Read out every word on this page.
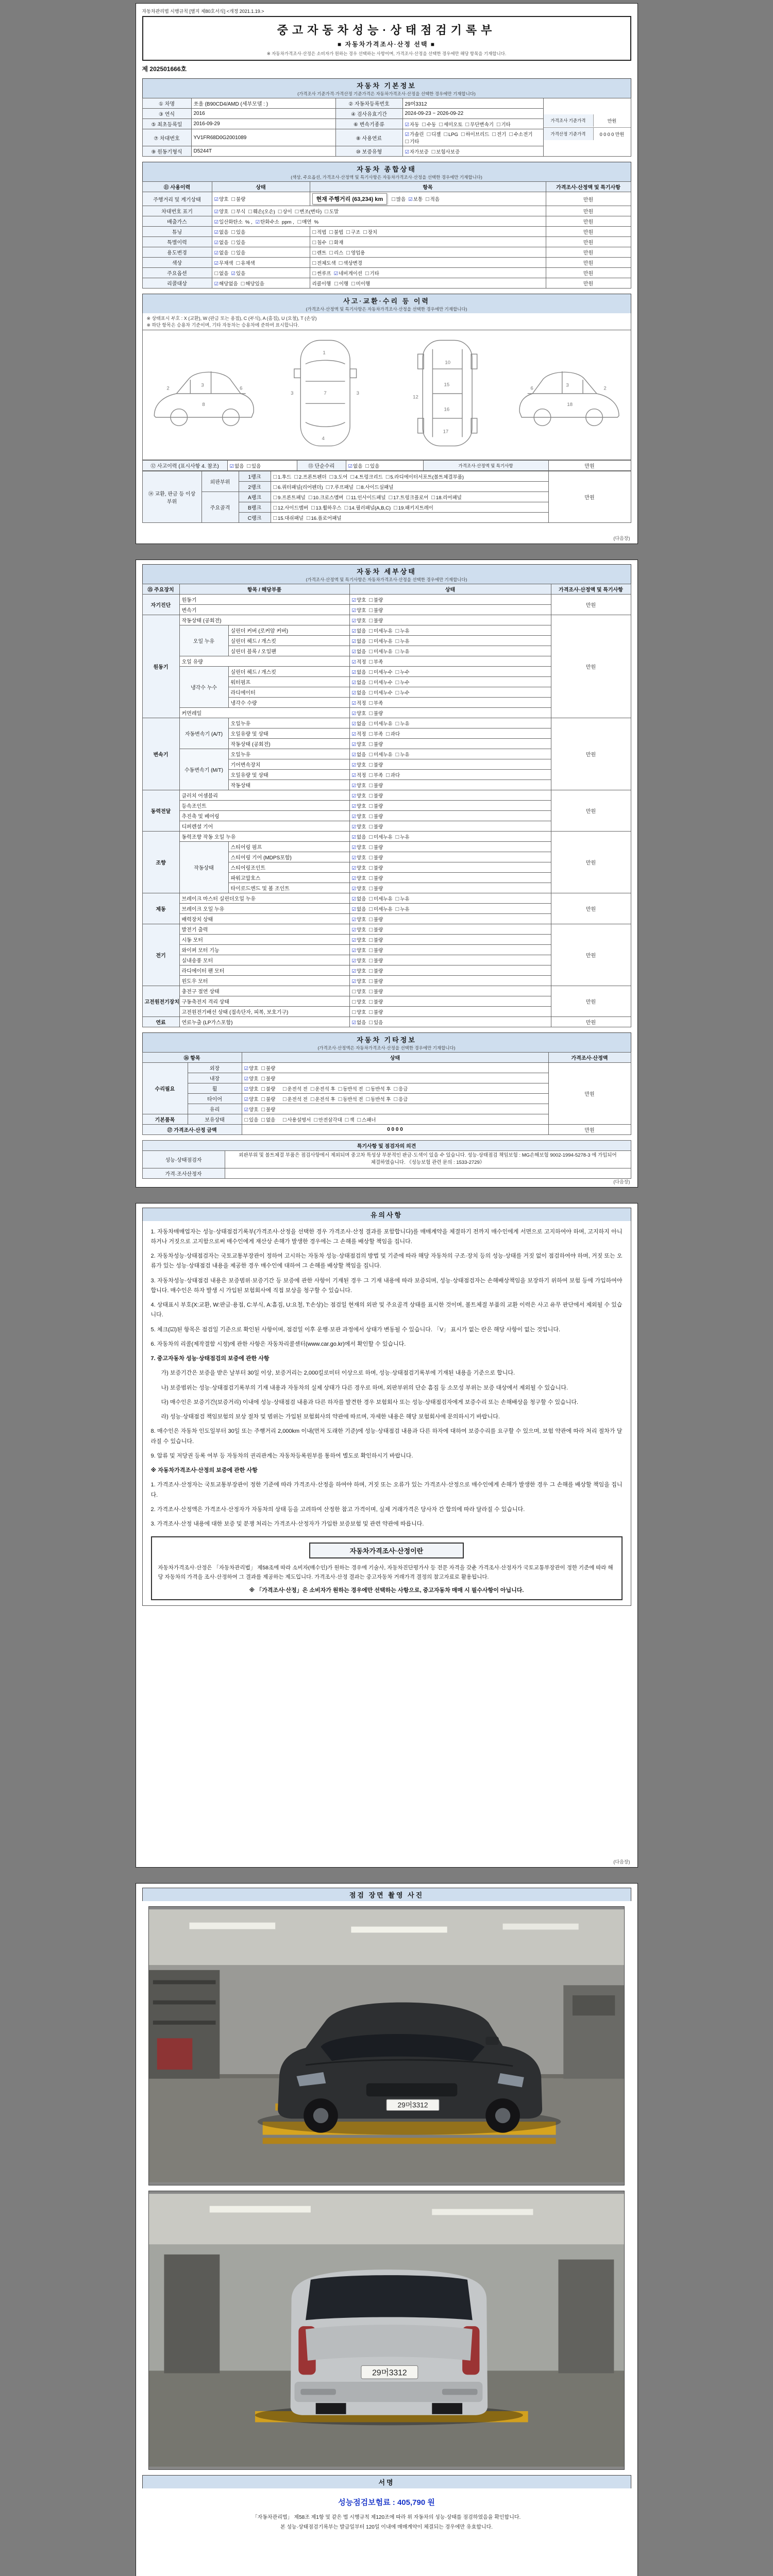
자동차관리법 시행규칙 [별지 제80호서식] <개정 2021.1.19.>
중고자동차성능·상태점검기록부
■ 자동차가격조사·산정 선택 ■
※ 자동차가격조사·산정은 소비자가 원하는 경우 선택하는 사항이며, 가격조사·산정을 선택한 경우에만 해당 항목을 기재합니다.
제 202501666호
자동차 기본정보
(가격조사 기준가격·가격산정 기준가격은 자동차가격조사·산정을 선택한 경우에만 기재합니다)
① 차명	쏘울 (B90CD4/AMD (세부모델 : )	② 자동차등록번호	29머3312	가격조사 기준가격 만원
가격산정 기준가격 0 0 0 0 만원

③ 연식	2016	④ 검사유효기간	2024-09-23 ~ 2026-09-22	
⑤ 최초등록일	2016-09-29	⑥ 변속기종류	☑자동 ☐수동 ☐세미오토 ☐무단변속기 ☐기타	
⑦ 차대번호	YV1FR68D0G2001089	⑧ 사용연료	☑가솔린 ☐디젤 ☐LPG ☐하이브리드 ☐전기 ☐수소전기☐기타	
⑨ 원동기형식	D5244T	⑩ 보증유형	☑자가보증 ☐보험사보증	
자동차 종합상태
(색상, 주요옵션, 가격조사·산정액 및 특기사항은 자동차가격조사·산정을 선택한 경우에만 기재합니다)
⑪ 사용이력	상태	항목	가격조사·산정액 및 특기사항
주행거리 및 계기상태	☑양호 ☐불량	현재 주행거리 (63,234) km ☐많음 ☑보통 ☐적음	만원
차대번호 표기	☑양호 ☐부식 ☐훼손(오손) ☐상이 ☐변조(변타) ☐도말		만원
배출가스	☑일산화탄소 % , ☑탄화수소 ppm , ☐매연 %		만원
튜닝	☑없음 ☐있음	☐적법 ☐불법 ☐구조 ☐장치	만원
특별이력	☑없음 ☐있음	☐침수 ☐화재	만원
용도변경	☑없음 ☐있음	☐렌트 ☐리스 ☐영업용	만원
색상	☑무채색 ☐유채색	☐전체도색 ☐색상변경	만원
주요옵션	☐없음 ☑있음	☐썬루프 ☑네비게이션 ☐기타	만원
리콜대상	☑해당없음 ☐해당있음	리콜이행 ☐이행 ☐미이행	만원
사고·교환·수리 등 이력
(가격조사·산정액 및 특기사항은 자동차가격조사·산정을 선택한 경우에만 기재합니다)
※ 상태표시 부호 : X (교환), W (판금 또는 용접), C (부식), A (흠집), U (요철), T (손상)
※ 하단 항목은 승용차 기준이며, 기타 자동차는 승용차에 준하여 표시합니다.
2
3
6
8
1
7
4
3	3
10
15
16
17
12
6
3
2
18
⑫ 사고이력 (표시사항 4. 참조)	☑없음 ☐있음	⑬ 단순수리	☑없음 ☐있음	가격조사·산정액 및 특기사항	만원
⑭ 교환, 판금 등 이상 부위	외판부위	1랭크	☐1.후드 ☐2.프론트펜더 ☐3.도어 ☐4.트렁크리드 ☐5.라디에이터서포트(볼트체결부품)	만원
		2랭크	☐6.쿼터패널(리어펜더) ☐7.루프패널 ☐8.사이드실패널	
	주요골격	A랭크	☐9.프론트패널 ☐10.크로스멤버 ☐11.인사이드패널 ☐17.트렁크플로어 ☐18.리어패널	
		B랭크	☐12.사이드멤버 ☐13.휠하우스 ☐14.필러패널(A,B,C) ☐19.패키지트레이	
		C랭크	☐15.대쉬패널 ☐16.플로어패널	
(다음장)
자동차 세부상태
(가격조사·산정액 및 특기사항은 자동차가격조사·산정을 선택한 경우에만 기재합니다)
⑮ 주요장치	항목 / 해당부품		상태	가격조사·산정액 및 특기사항
자기진단	원동기		☑양호 ☐불량	만원
	변속기		☑양호 ☐불량	
원동기	작동상태 (공회전)		☑양호 ☐불량	만원
	오일 누유	실린더 커버 (로커암 커버)	☑없음 ☐미세누유 ☐누유	
		실린더 헤드 / 개스킷	☑없음 ☐미세누유 ☐누유	
		실린더 블록 / 오일팬	☑없음 ☐미세누유 ☐누유	
	오일 유량		☑적정 ☐부족	
	냉각수 누수	실린더 헤드 / 개스킷	☑없음 ☐미세누수 ☐누수	
		워터펌프	☑없음 ☐미세누수 ☐누수	
		라디에이터	☑없음 ☐미세누수 ☐누수	
		냉각수 수량	☑적정 ☐부족	
	커먼레일		☑양호 ☐불량	
변속기	자동변속기 (A/T)	오일누유	☑없음 ☐미세누유 ☐누유	만원
		오일유량 및 상태	☑적정 ☐부족 ☐과다	
		작동상태 (공회전)	☑양호 ☐불량	
	수동변속기 (M/T)	오일누유	☑없음 ☐미세누유 ☐누유	
		기어변속장치	☑양호 ☐불량	
		오일유량 및 상태	☑적정 ☐부족 ☐과다	
		작동상태	☑양호 ☐불량	
동력전달	클러치 어셈블리		☑양호 ☐불량	만원
	등속조인트		☑양호 ☐불량	
	추진축 및 베어링		☑양호 ☐불량	
	디퍼렌셜 기어		☑양호 ☐불량	
조향	동력조향 작동 오일 누유		☑없음 ☐미세누유 ☐누유	만원
	작동상태	스티어링 펌프	☑양호 ☐불량	
		스티어링 기어 (MDPS포함)	☑양호 ☐불량	
		스티어링조인트	☑양호 ☐불량	
		파워고압호스	☑양호 ☐불량	
		타이로드엔드 및 볼 조인트	☑양호 ☐불량	
제동	브레이크 마스터 실린더오일 누유		☑없음 ☐미세누유 ☐누유	만원
	브레이크 오일 누유		☑없음 ☐미세누유 ☐누유	
	배력장치 상태		☑양호 ☐불량	
전기	발전기 출력		☑양호 ☐불량	만원
	시동 모터		☑양호 ☐불량	
	와이퍼 모터 기능		☑양호 ☐불량	
	실내송풍 모터		☑양호 ☐불량	
	라디에이터 팬 모터		☑양호 ☐불량	
	윈도우 모터		☑양호 ☐불량	
고전원전기장치	충전구 절연 상태		☐양호 ☐불량	만원
	구동축전지 격리 상태		☐양호 ☐불량	
	고전원전기배선 상태 (접속단자, 피복, 보호기구)		☐양호 ☐불량	
연료	연료누출 (LP가스포함)		☑없음 ☐있음	만원
자동차 기타정보
(가격조사·산정액은 자동차가격조사·산정을 선택한 경우에만 기재합니다)
⑯ 항목		상태	가격조사·산정액
수리필요	외장	☑양호 ☐불량	만원
	내장	☑양호 ☐불량	
	휠	☑양호 ☐불량 ☐운전석 전 ☐운전석 후 ☐동반석 전 ☐동반석 후 ☐응급	
	타이어	☑양호 ☐불량 ☐운전석 전 ☐운전석 후 ☐동반석 전 ☐동반석 후 ☐응급	
	유리	☑양호 ☐불량	
기본품목	보유상태	☐있음 ☐없음 ☐사용설명서 ☐안전삼각대 ☐잭 ☐스패너	
⑰ 가격조사·산정 금액		0 0 0 0	만원
특기사항 및 점검자의 의견	
성능·상태점검자	외판부위 및 볼트체결 부품은 점검사항에서 제외되며 중고차 특성상 부분적인 판금·도색이 있을 수 있습니다. 성능·상태점검 책임보험 : MG손해보험 9002-1994-5278-3 에 가입되어 체결하였습니다. 《성능보험 관련 문의 : 1533-2729》
가격·조사산정자	
(다음장)
유의사항
1. 자동차매매업자는 성능·상태점검기록부(가격조사·산정을 선택한 경우 가격조사·산정 결과를 포함합니다)를 매매계약을 체결하기 전까지 매수인에게 서면으로 고지하여야 하며, 고지하지 아니하거나 거짓으로 고지함으로써 매수인에게 재산상 손해가 발생한 경우에는 그 손해를 배상할 책임을 집니다.
2. 자동차성능·상태점검자는 국토교통부장관이 정하여 고시하는 자동차 성능·상태점검의 방법 및 기준에 따라 해당 자동차의 구조·장치 등의 성능·상태를 거짓 없이 점검하여야 하며, 거짓 또는 오류가 있는 성능·상태점검 내용을 제공한 경우 매수인에 대하여 그 손해를 배상할 책임을 집니다.
3. 자동차성능·상태점검 내용은 보증범위·보증기간 등 보증에 관한 사항이 기재된 경우 그 기재 내용에 따라 보증되며, 성능·상태점검자는 손해배상책임을 보장하기 위하여 보험 등에 가입하여야 합니다. 매수인은 하자 발생 시 가입된 보험회사에 직접 보상을 청구할 수 있습니다.
4. 상태표시 부호(X:교환, W:판금·용접, C:부식, A:흠집, U:요철, T:손상)는 점검일 현재의 외판 및 주요골격 상태를 표시한 것이며, 볼트체결 부품의 교환 이력은 사고 유무 판단에서 제외될 수 있습니다.
5. 체크(☑)된 항목은 점검일 기준으로 확인된 사항이며, 점검일 이후 운행·보관 과정에서 상태가 변동될 수 있습니다. 「V」 표시가 없는 란은 해당 사항이 없는 것입니다.
6. 자동차의 리콜(제작결함 시정)에 관한 사항은 자동차리콜센터(www.car.go.kr)에서 확인할 수 있습니다.
7. 중고자동차 성능·상태점검의 보증에 관한 사항
가) 보증기간은 보증을 받은 날부터 30일 이상, 보증거리는 2,000킬로미터 이상으로 하며, 성능·상태점검기록부에 기재된 내용을 기준으로 합니다.
나) 보증범위는 성능·상태점검기록부의 기재 내용과 자동차의 실제 상태가 다른 경우로 하며, 외판부위의 단순 흠집 등 소모성 부위는 보증 대상에서 제외될 수 있습니다.
다) 매수인은 보증기간(보증거리) 이내에 성능·상태점검 내용과 다른 하자를 발견한 경우 보험회사 또는 성능·상태점검자에게 보증수리 또는 손해배상을 청구할 수 있습니다.
라) 성능·상태점검 책임보험의 보상 절차 및 범위는 가입된 보험회사의 약관에 따르며, 자세한 내용은 해당 보험회사에 문의하시기 바랍니다.
8. 매수인은 자동차 인도일부터 30일 또는 주행거리 2,000km 이내(먼저 도래한 기준)에 성능·상태점검 내용과 다른 하자에 대하여 보증수리를 요구할 수 있으며, 보험 약관에 따라 처리 절차가 달라질 수 있습니다.
9. 압류 및 저당권 등록 여부 등 자동차의 권리관계는 자동차등록원부를 통하여 별도로 확인하시기 바랍니다.
※ 자동차가격조사·산정의 보증에 관한 사항
1. 가격조사·산정자는 국토교통부장관이 정한 기준에 따라 가격조사·산정을 하여야 하며, 거짓 또는 오류가 있는 가격조사·산정으로 매수인에게 손해가 발생한 경우 그 손해를 배상할 책임을 집니다.
2. 가격조사·산정액은 가격조사·산정자가 자동차의 상태 등을 고려하여 산정한 참고 가격이며, 실제 거래가격은 당사자 간 합의에 따라 달라질 수 있습니다.
3. 가격조사·산정 내용에 대한 보증 및 분쟁 처리는 가격조사·산정자가 가입한 보증보험 및 관련 약관에 따릅니다.
자동차가격조사·산정이란

자동차가격조사·산정은 「자동차관리법」 제58조에 따라 소비자(매수인)가 원하는 경우에 기술사, 자동차진단평가사 등 전문 자격을 갖춘 가격조사·산정자가 국토교통부장관이 정한 기준에 따라 해당 자동차의 가격을 조사·산정하여 그 결과를 제공하는 제도입니다. 가격조사·산정 결과는 중고자동차 거래가격 결정의 참고자료로 활용됩니다.

※ 「가격조사·산정」은 소비자가 원하는 경우에만 선택하는 사항으로, 중고자동차 매매 시 필수사항이 아닙니다.
(다음장)
점검 장면 촬영 사진
29머3312
29머3312
서명
성능점검보험료 : 405,790 원
「자동차관리법」 제58조 제1항 및 같은 법 시행규칙 제120조에 따라 위 자동차의 성능·상태를 점검하였음을 확인합니다.
본 성능·상태점검기록부는 발급일부터 120일 이내에 매매계약이 체결되는 경우에만 유효합니다.
